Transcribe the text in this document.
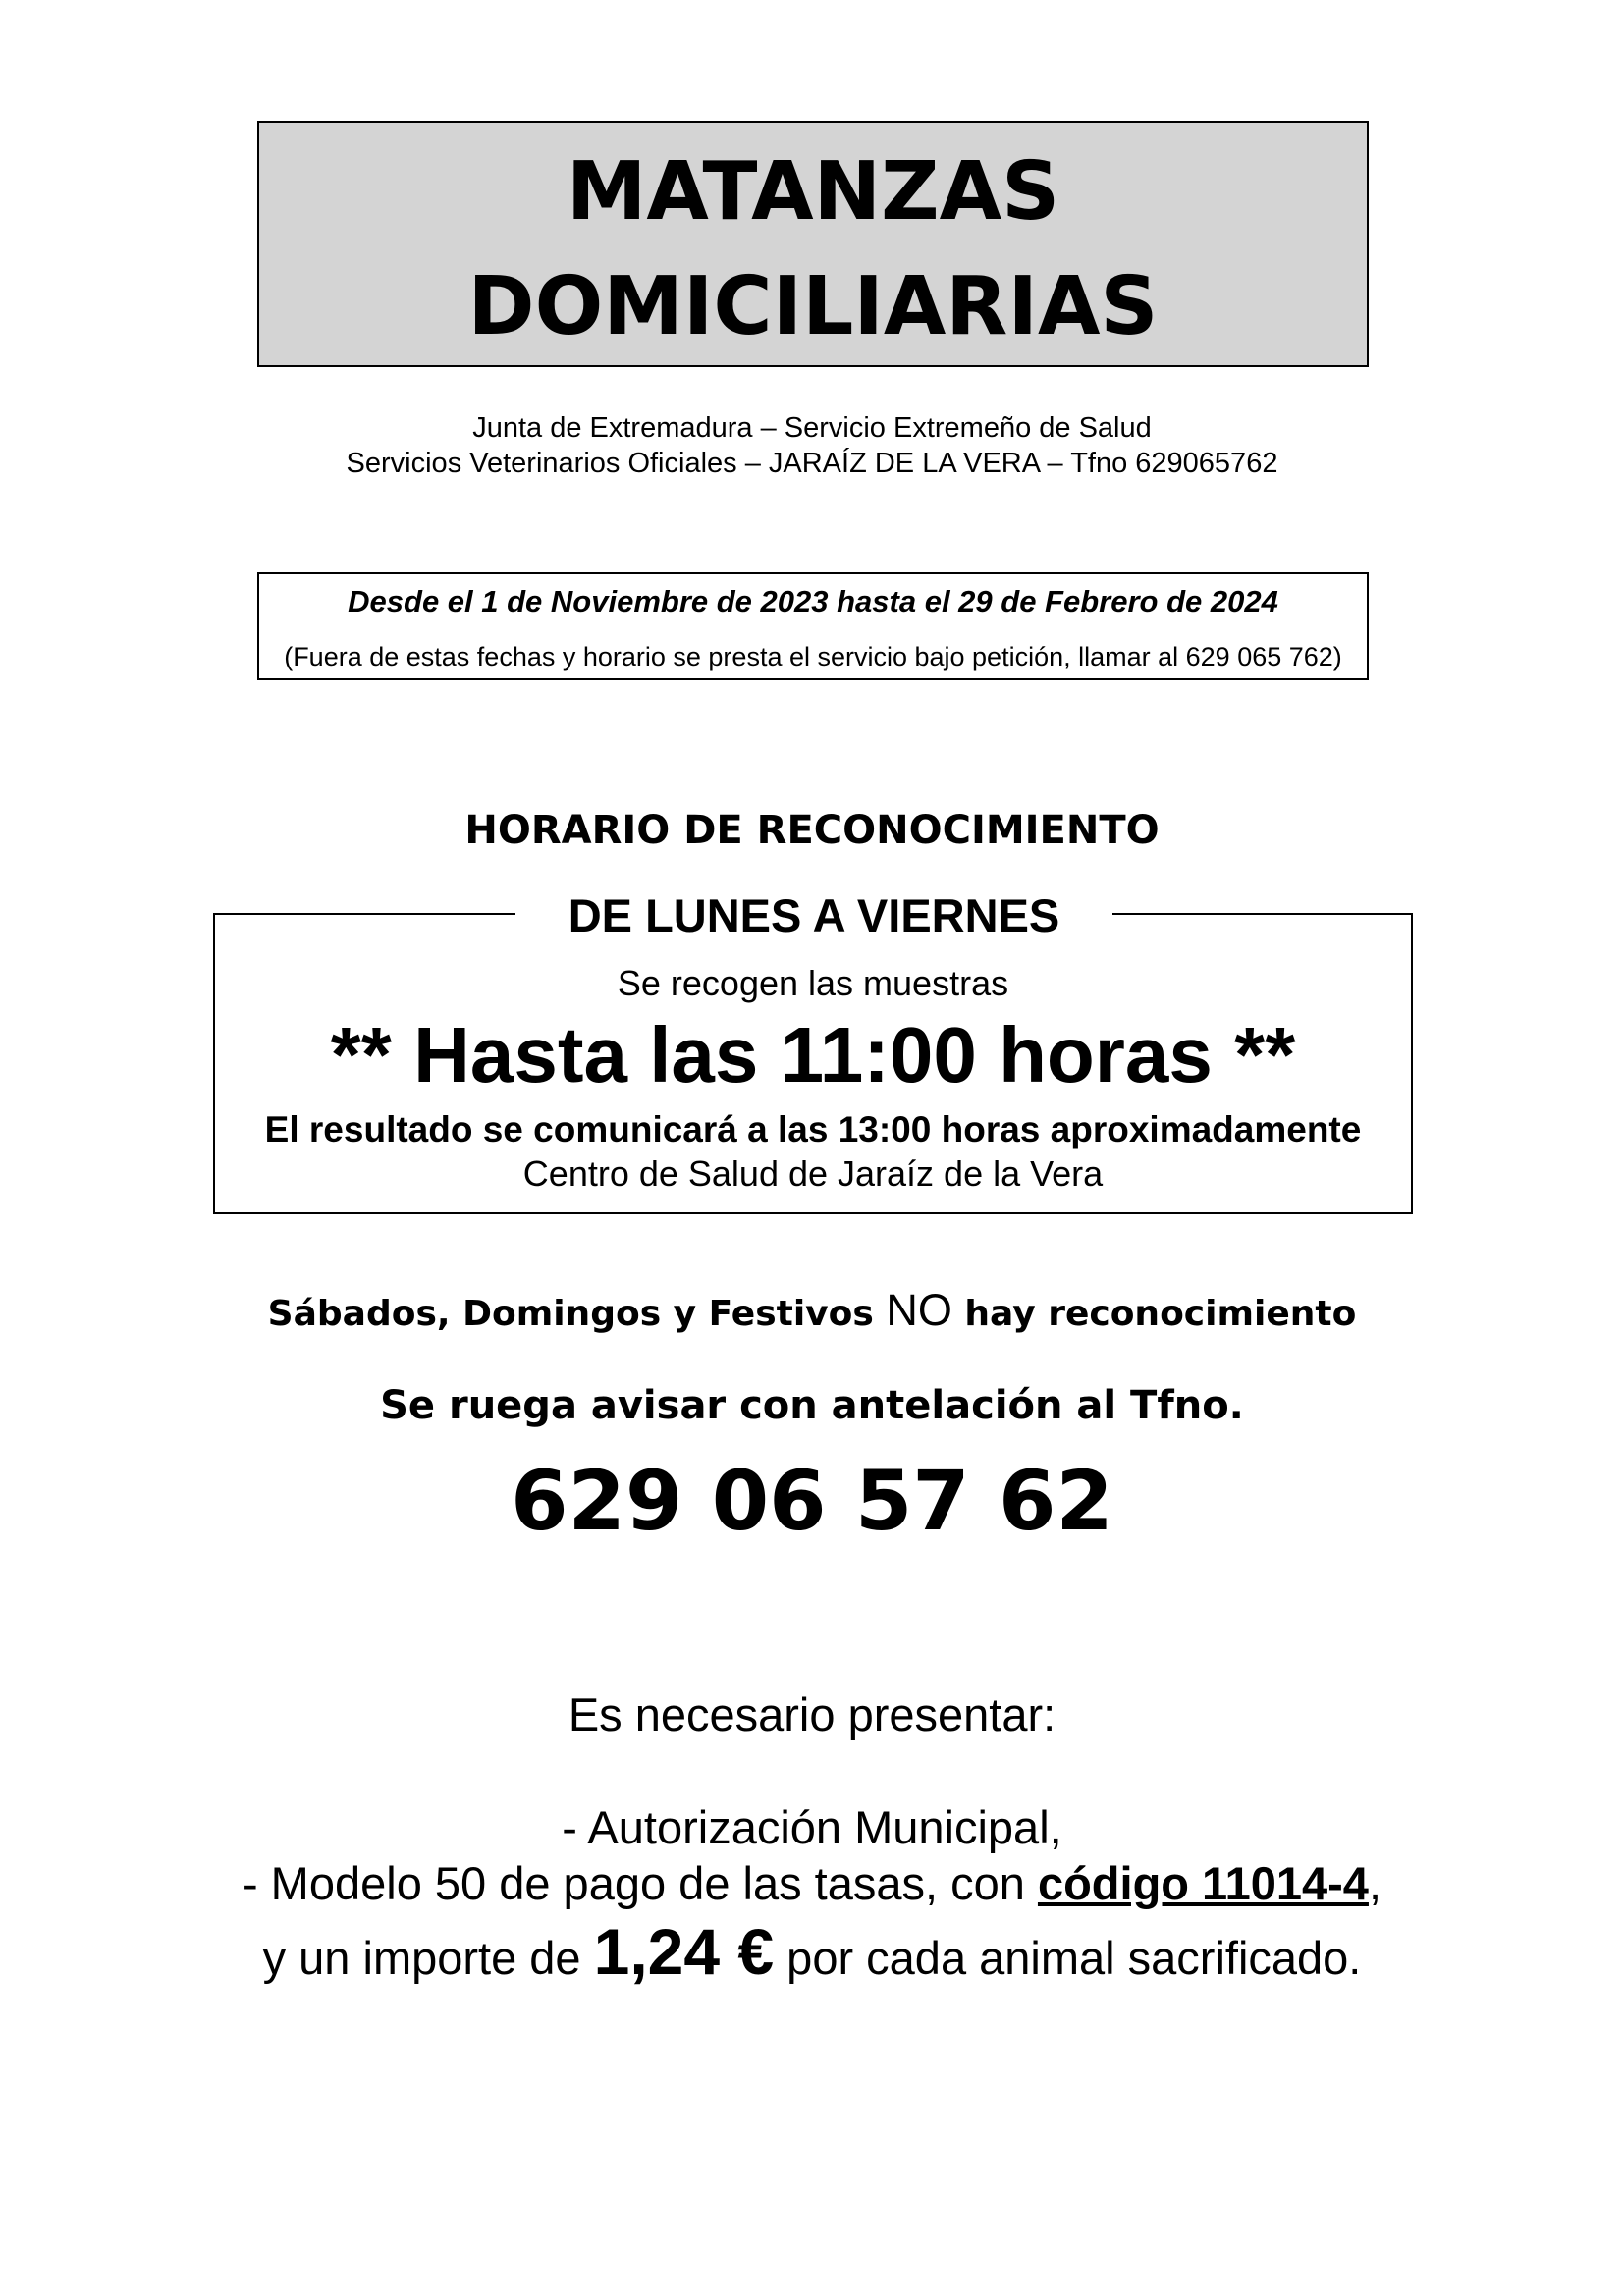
MATANZAS
DOMICILIARIAS
Junta de Extremadura – Servicio Extremeño de Salud
Servicios Veterinarios Oficiales – JARAÍZ DE LA VERA – Tfno 629065762
Desde el 1 de Noviembre de 2023 hasta el 29 de Febrero de 2024
(Fuera de estas fechas y horario se presta el servicio bajo petición, llamar al 629 065 762)
HORARIO DE RECONOCIMIENTO
DE LUNES A VIERNES
Se recogen las muestras
** Hasta las 11:00 horas **
El resultado se comunicará a las 13:00 horas aproximadamente
Centro de Salud de Jaraíz de la Vera
Sábados, Domingos y Festivos NO hay reconocimiento
Se ruega avisar con antelación al Tfno.
629 06 57 62
Es necesario presentar:
- Autorización Municipal,
- Modelo 50 de pago de las tasas, con código 11014-4,
y un importe de 1,24 € por cada animal sacrificado.
